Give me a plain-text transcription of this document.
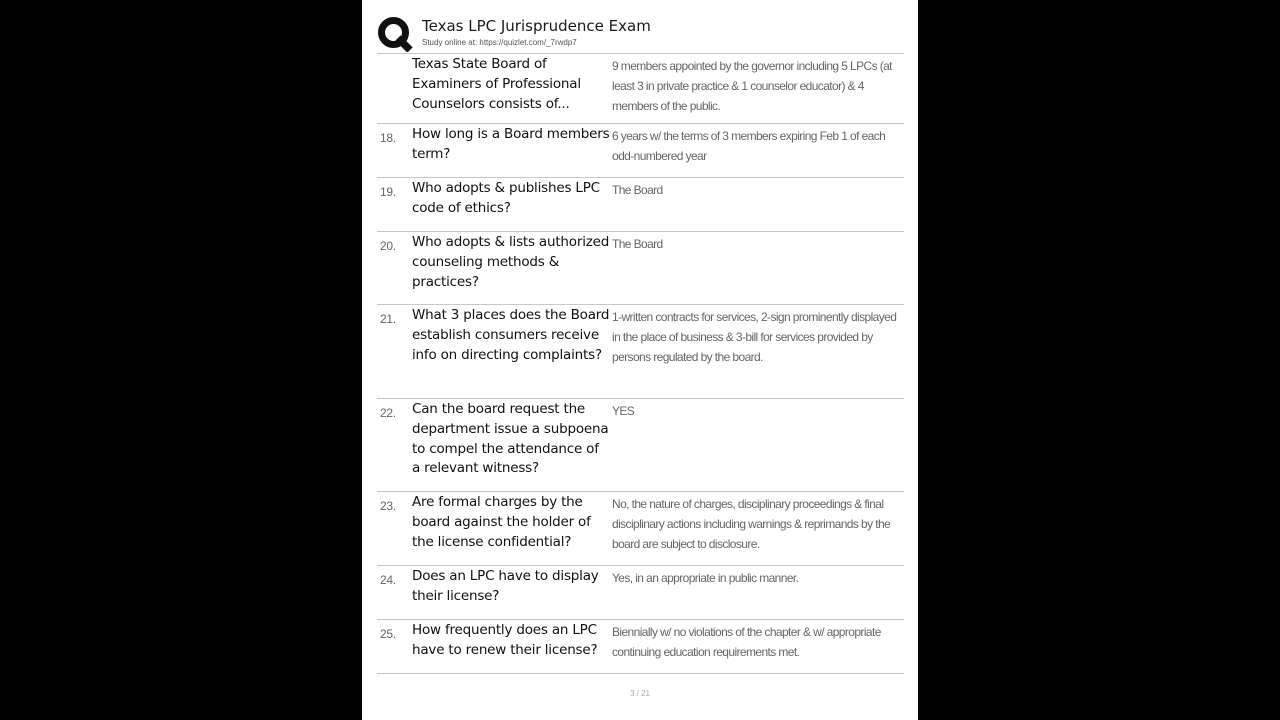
Texas LPC Jurisprudence Exam
Study online at: https://quizlet.com/_7rwdp7
Texas State Board of Examiners of Professional Counselors consists of...
9 members appointed by the governor including 5 LPCs (at least 3 in private practice & 1 counselor educator) & 4 members of the public.
18. How long is a Board members term?
6 years w/ the terms of 3 members expiring Feb 1 of each odd-numbered year
19. Who adopts & publishes LPC code of ethics?
The Board
20. Who adopts & lists authorized counseling methods & practices?
The Board
21. What 3 places does the Board establish consumers receive info on directing complaints?
1-written contracts for services, 2-sign prominently displayed in the place of business & 3-bill for services provided by persons regulated by the board.
22. Can the board request the department issue a subpoena to compel the attendance of a relevant witness?
YES
23. Are formal charges by the board against the holder of the license confidential?
No, the nature of charges, disciplinary proceedings & final disciplinary actions including warnings & reprimands by the board are subject to disclosure.
24. Does an LPC have to display their license?
Yes, in an appropriate in public manner.
25. How frequently does an LPC have to renew their license?
Biennially w/ no violations of the chapter & w/ appropriate continuing education requirements met.
3 / 21
